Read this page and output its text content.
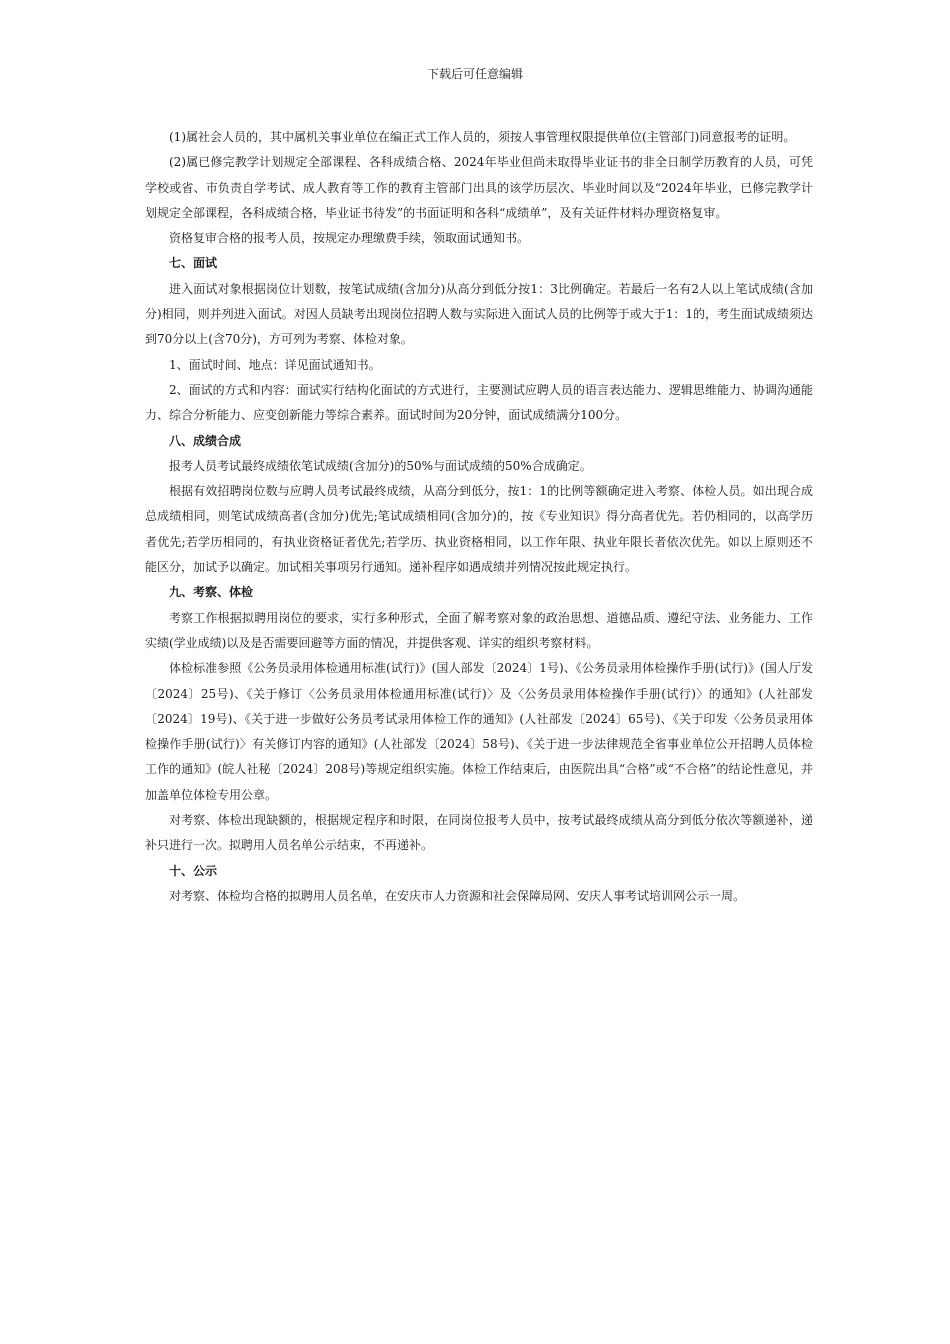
下载后可任意编辑

(1)属社会人员的，其中属机关事业单位在编正式工作人员的，须按人事管理权限提供单位(主管部门)同意报考的证明。

(2)属已修完教学计划规定全部课程、各科成绩合格、2024年毕业但尚未取得毕业证书的非全日制学历教育的人员，可凭学校或省、市负责自学考试、成人教育等工作的教育主管部门出具的该学历层次、毕业时间以及“2024年毕业，已修完教学计划规定全部课程，各科成绩合格，毕业证书待发”的书面证明和各科“成绩单”，及有关证件材料办理资格复审。

资格复审合格的报考人员，按规定办理缴费手续，领取面试通知书。

七、面试

进入面试对象根据岗位计划数，按笔试成绩(含加分)从高分到低分按1：3比例确定。若最后一名有2人以上笔试成绩(含加分)相同，则并列进入面试。对因人员缺考出现岗位招聘人数与实际进入面试人员的比例等于或大于1：1的，考生面试成绩须达到70分以上(含70分)，方可列为考察、体检对象。

1、面试时间、地点：详见面试通知书。

2、面试的方式和内容：面试实行结构化面试的方式进行，主要测试应聘人员的语言表达能力、逻辑思维能力、协调沟通能力、综合分析能力、应变创新能力等综合素养。面试时间为20分钟，面试成绩满分100分。

八、成绩合成

报考人员考试最终成绩依笔试成绩(含加分)的50%与面试成绩的50%合成确定。

根据有效招聘岗位数与应聘人员考试最终成绩，从高分到低分，按1：1的比例等额确定进入考察、体检人员。如出现合成总成绩相同，则笔试成绩高者(含加分)优先;笔试成绩相同(含加分)的，按《专业知识》得分高者优先。若仍相同的，以高学历者优先;若学历相同的，有执业资格证者优先;若学历、执业资格相同，以工作年限、执业年限长者依次优先。如以上原则还不能区分，加试予以确定。加试相关事项另行通知。递补程序如遇成绩并列情况按此规定执行。

九、考察、体检

考察工作根据拟聘用岗位的要求，实行多种形式，全面了解考察对象的政治思想、道德品质、遵纪守法、业务能力、工作实绩(学业成绩)以及是否需要回避等方面的情况，并提供客观、详实的组织考察材料。

体检标准参照《公务员录用体检通用标准(试行)》(国人部发〔2024〕1号)、《公务员录用体检操作手册(试行)》(国人厅发〔2024〕25号)、《关于修订〈公务员录用体检通用标准(试行)〉及〈公务员录用体检操作手册(试行)〉的通知》(人社部发〔2024〕19号)、《关于进一步做好公务员考试录用体检工作的通知》(人社部发〔2024〕65号)、《关于印发〈公务员录用体检操作手册(试行)〉有关修订内容的通知》(人社部发〔2024〕58号)、《关于进一步法律规范全省事业单位公开招聘人员体检工作的通知》(皖人社秘〔2024〕208号)等规定组织实施。体检工作结束后，由医院出具“合格”或“不合格”的结论性意见，并加盖单位体检专用公章。

对考察、体检出现缺额的，根据规定程序和时限，在同岗位报考人员中，按考试最终成绩从高分到低分依次等额递补，递补只进行一次。拟聘用人员名单公示结束，不再递补。

十、公示

对考察、体检均合格的拟聘用人员名单，在安庆市人力资源和社会保障局网、安庆人事考试培训网公示一周。
